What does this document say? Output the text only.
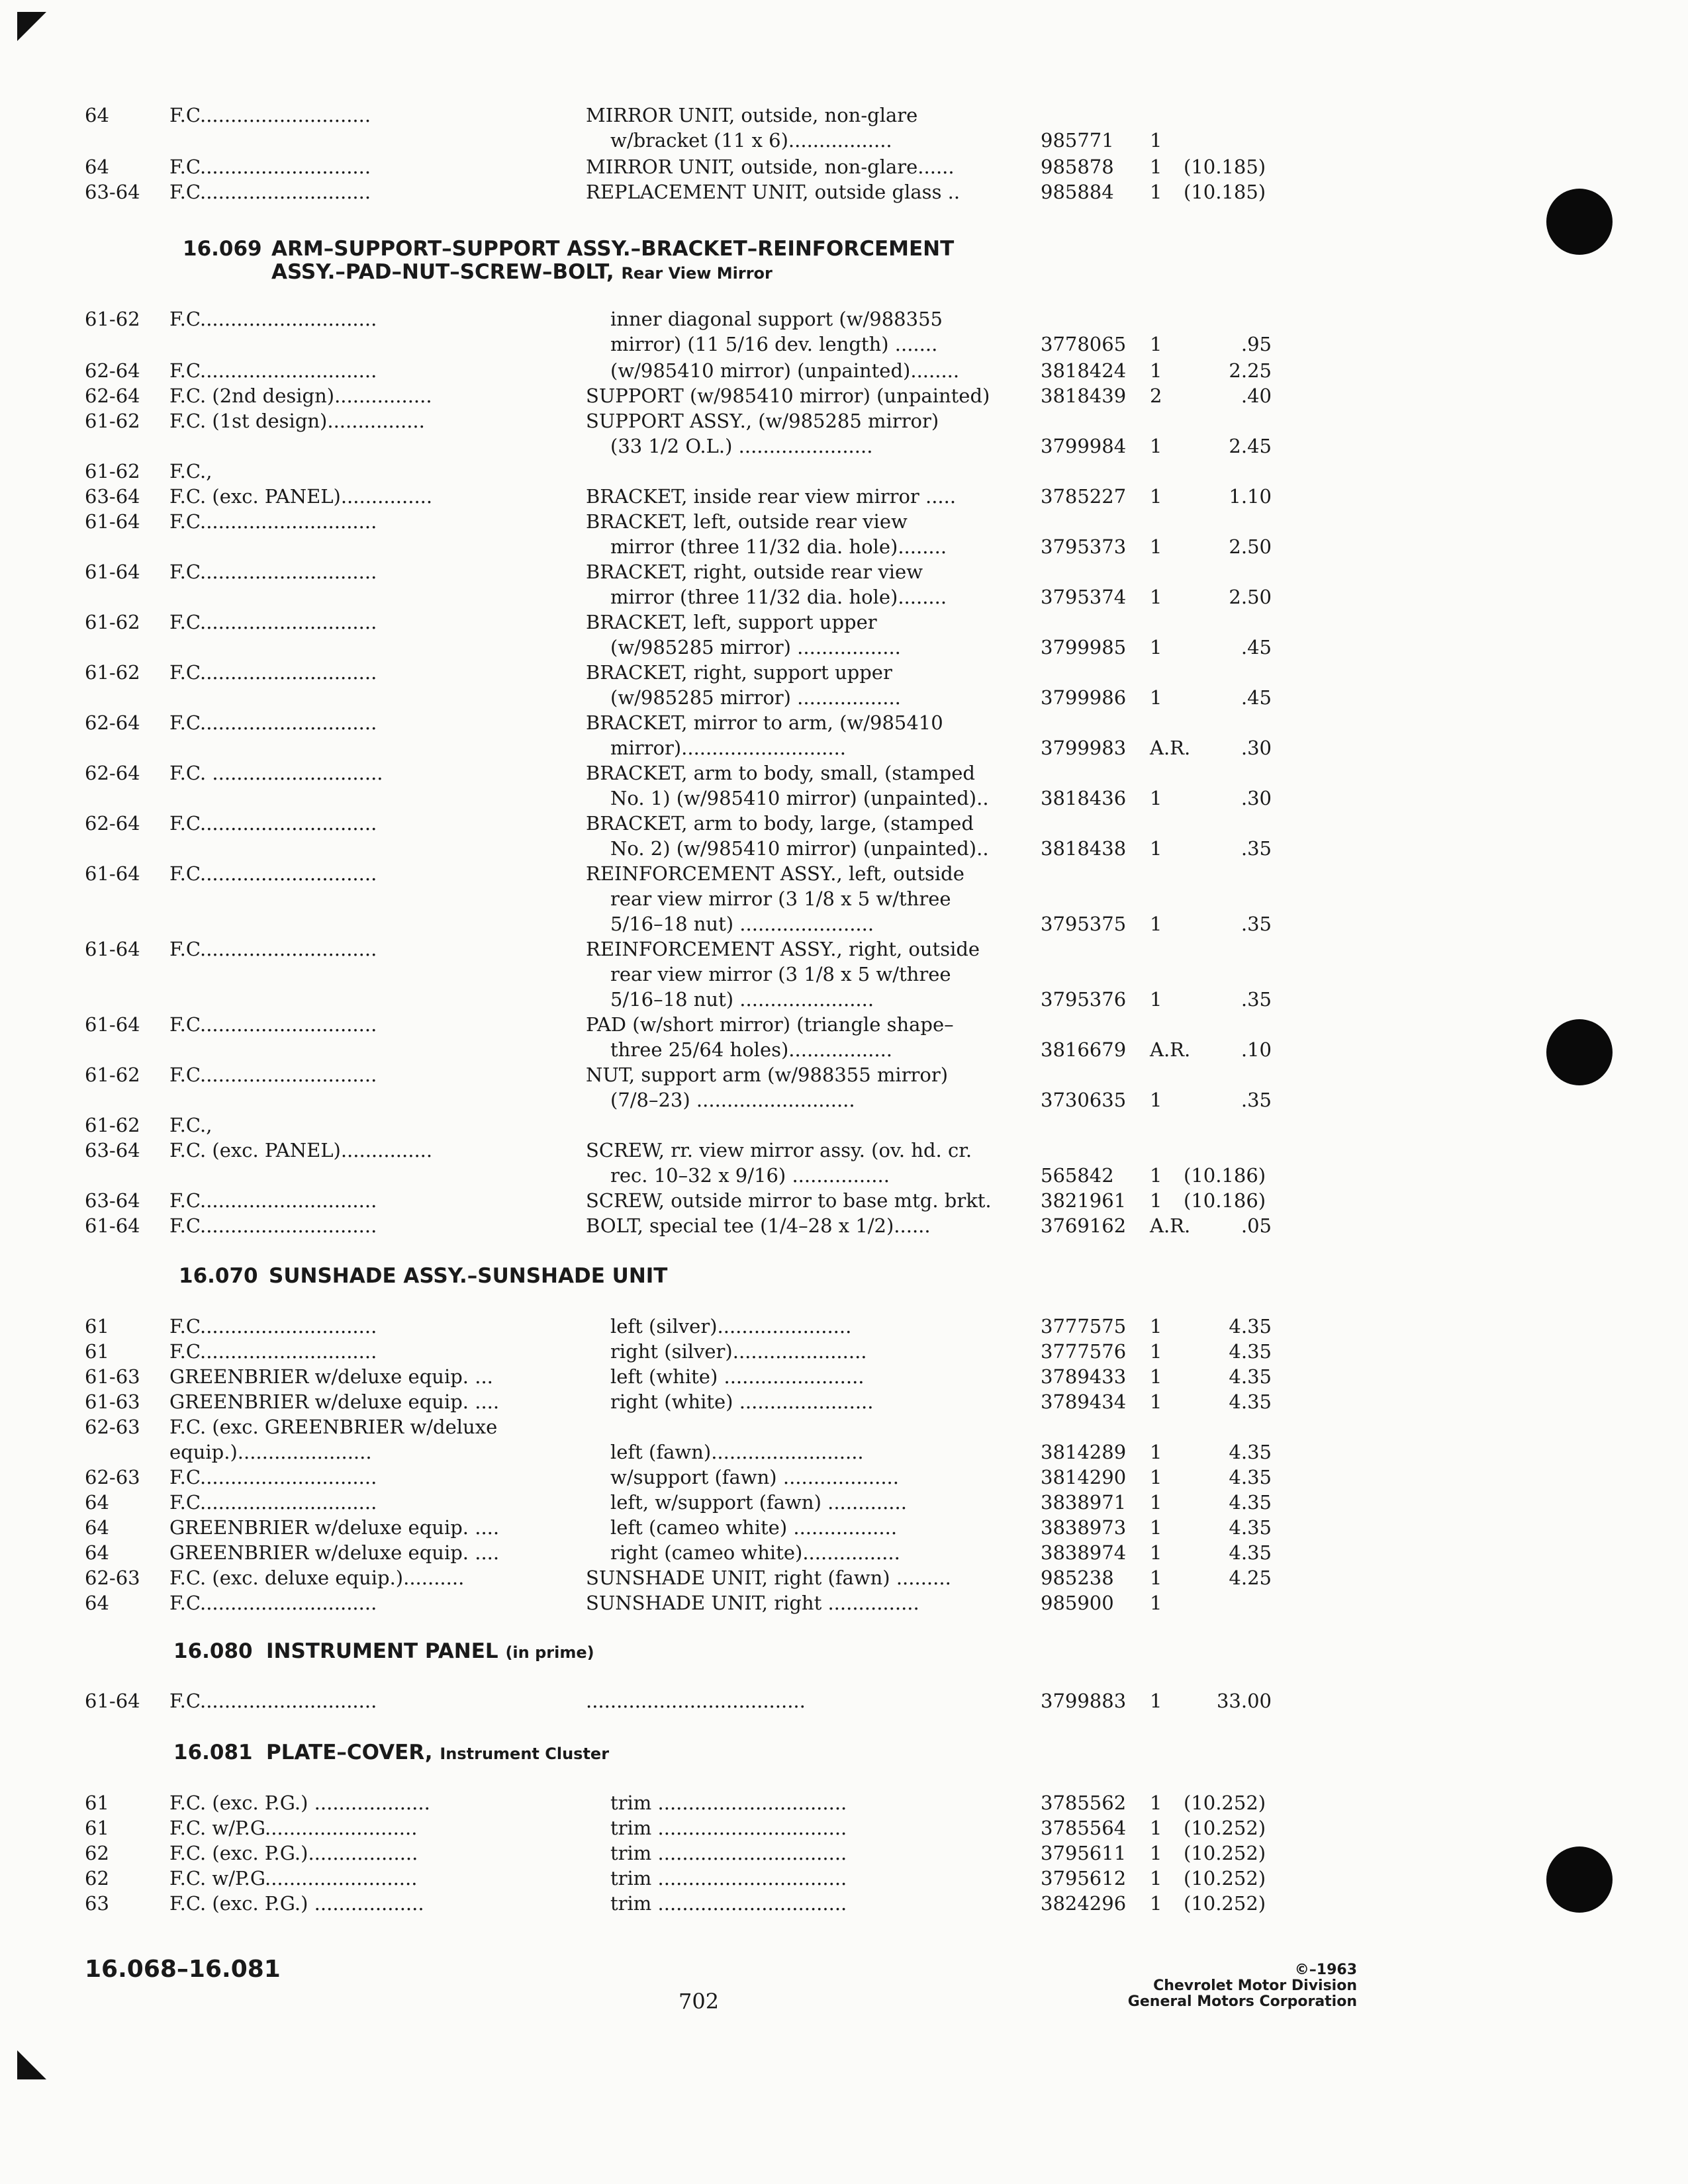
64	F.C............................	MIRROR UNIT, outside, non-glare
w/bracket (11 x 6).................	985771 1
64	F.C............................	MIRROR UNIT, outside, non-glare......	985878 1 (10.185)
63-64 F.C............................	REPLACEMENT UNIT, outside glass ..	985884 1 (10.185)
61-62 F.C.............................	inner diagonal support (w/988355
mirror) (11 5/16 dev. length) .......	3778065 1	.95
62-64 F.C.............................	(w/985410 mirror) (unpainted)........	3818424 1	2.25
62-64 F.C. (2nd design)................	SUPPORT (w/985410 mirror) (unpainted)	3818439 2	.40
61-62 F.C. (1st design)................	SUPPORT ASSY., (w/985285 mirror)
(33 1/2 O.L.) ......................	3799984 1	2.45
61-62 F.C.,
63-64 F.C. (exc. PANEL)...............	BRACKET, inside rear view mirror .....	3785227 1	1.10
61-64 F.C.............................	BRACKET, left, outside rear view
mirror (three 11/32 dia. hole)........	3795373 1	2.50
61-64 F.C.............................	BRACKET, right, outside rear view
mirror (three 11/32 dia. hole)........	3795374 1	2.50
61-62 F.C.............................	BRACKET, left, support upper
(w/985285 mirror) .................	3799985 1	.45
61-62 F.C.............................	BRACKET, right, support upper
(w/985285 mirror) .................	3799986 1	.45
62-64 F.C.............................	BRACKET, mirror to arm, (w/985410
mirror)...........................	3799983 A.R.	.30
62-64 F.C. ............................	BRACKET, arm to body, small, (stamped
No. 1) (w/985410 mirror) (unpainted)..	3818436 1	.30
62-64 F.C.............................	BRACKET, arm to body, large, (stamped
No. 2) (w/985410 mirror) (unpainted)..	3818438 1	.35
61-64 F.C.............................	REINFORCEMENT ASSY., left, outside
rear view mirror (3 1/8 x 5 w/three
5/16–18 nut) ......................	3795375 1	.35
61-64 F.C.............................	REINFORCEMENT ASSY., right, outside
rear view mirror (3 1/8 x 5 w/three
5/16–18 nut) ......................	3795376 1	.35
61-64 F.C.............................	PAD (w/short mirror) (triangle shape–
three 25/64 holes).................	3816679 A.R.	.10
61-62 F.C.............................	NUT, support arm (w/988355 mirror)
(7/8–23) ..........................	3730635 1	.35
61-62 F.C.,
63-64 F.C. (exc. PANEL)...............	SCREW, rr. view mirror assy. (ov. hd. cr.
rec. 10–32 x 9/16) ................	565842 1 (10.186)
63-64 F.C.............................	SCREW, outside mirror to base mtg. brkt.	3821961 1 (10.186)
61-64 F.C.............................	BOLT, special tee (1/4–28 x 1/2)......	3769162 A.R.	.05
61	F.C.............................	left (silver)......................	3777575 1	4.35
61	F.C.............................	right (silver)......................	3777576 1	4.35
61-63 GREENBRIER w/deluxe equip. ...	left (white) .......................	3789433 1	4.35
61-63 GREENBRIER w/deluxe equip. ....	right (white) ......................	3789434 1	4.35
62-63 F.C. (exc. GREENBRIER w/deluxe
equip.)......................	left (fawn).........................	3814289 1	4.35
62-63 F.C.............................	w/support (fawn) ...................	3814290 1	4.35
64	F.C.............................	left, w/support (fawn) .............	3838971 1	4.35
64	GREENBRIER w/deluxe equip. ....	left (cameo white) .................	3838973 1	4.35
64	GREENBRIER w/deluxe equip. ....	right (cameo white)................	3838974 1	4.35
62-63 F.C. (exc. deluxe equip.)..........	SUNSHADE UNIT, right (fawn) .........	985238 1	4.25
64	F.C.............................	SUNSHADE UNIT, right ...............	985900 1
61-64 F.C.............................	....................................	3799883 1	33.00
61	F.C. (exc. P.G.) ...................	trim ...............................	3785562 1 (10.252)
61	F.C. w/P.G.........................	trim ...............................	3785564 1 (10.252)
62	F.C. (exc. P.G.)..................	trim ...............................	3795611 1 (10.252)
62	F.C. w/P.G.........................	trim ...............................	3795612 1 (10.252)
63	F.C. (exc. P.G.) ..................	trim ...............................	3824296 1 (10.252)
16.069 ARM–SUPPORT–SUPPORT ASSY.–BRACKET–REINFORCEMENT
ASSY.–PAD–NUT–SCREW–BOLT, Rear View Mirror
16.070 SUNSHADE ASSY.–SUNSHADE UNIT
16.080 INSTRUMENT PANEL (in prime)
16.081 PLATE–COVER, Instrument Cluster
16.068–16.081
702
©–1963
Chevrolet Motor Division
General Motors Corporation
